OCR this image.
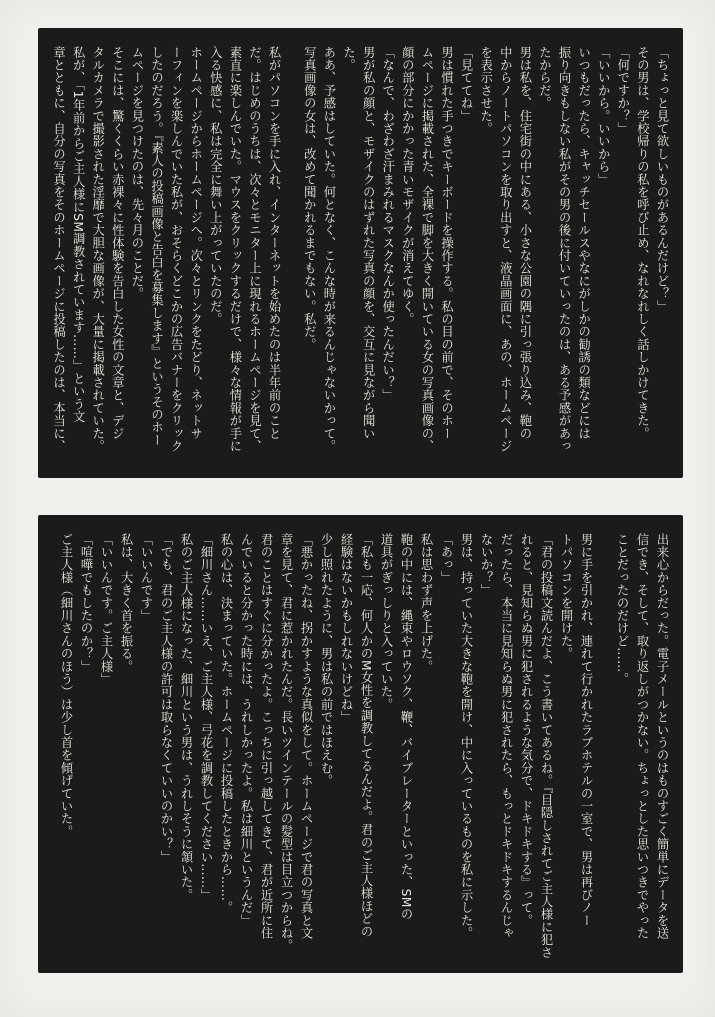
「ちょっと見て欲しいものがあるんだけど？」
その男は、学校帰りの私を呼び止め、なれなれしく話しかけてきた。
「何ですか？」
「いいから。いいから」
いつもだったら、キャッチセールスやなにがしかの勧誘の類などには
振り向きもしない私がその男の後に付いていったのは、ある予感があっ
たからだ。
男は私を、住宅街の中にある、小さな公園の隅に引っ張り込み、鞄の
中からノートパソコンを取り出すと、液晶画面に、あの、ホームページ
を表示させた。
「見ててね」
男は慣れた手つきでキーボードを操作する。私の目の前で、そのホー
ムページに掲載された、全裸で脚を大きく開いている女の写真画像の、
顔の部分にかかった青いモザイクが消えてゆく。
「なんで、わざわざ汗まみれるマスクなんか使ったんだい？」
男が私の顔と、モザイクのはずれた写真の顔を、交互に見ながら聞い
た。
ああ、予感はしていた。何となく、こんな時が来るんじゃないかって。
写真画像の女は、改めて聞かれるまでもない。私だ。
私がパソコンを手に入れ、インターネットを始めたのは半年前のこと
だ。はじめのうちは、次々とモニター上に現れるホームページを見て、
素直に楽しんでいた。マウスをクリックするだけで、様々な情報が手に
入る快感に、私は完全に舞い上がっていたのだ。
ホームページからホームページへ。次々とリンクをたどり、ネットサ
ーフィンを楽しんでいた私が、おそらくどこかの広告バナーをクリック
したのだろう。『素人の投稿画像と告白を募集します』というそのホー
ムページを見つけたのは、先々月のことだ。
そこには、驚くくらい赤裸々に性体験を告白した女性の文章と、デジ
タルカメラで撮影された淫靡で大胆な画像が、大量に掲載されていた。
私が、「1年前からご主人様にSM調教されています……」という文
章とともに、自分の写真をそのホームページに投稿したのは、本当に、
出来心からだった。電子メールというのはものすごく簡単にデータを送
信でき、そして、取り返しがつかない。ちょっとした思いつきでやった
ことだったのだけど……。
男に手を引かれ、連れて行かれたラブホテルの一室で、男は再びノー
トパソコンを開けた。
「君の投稿文読んだよ、こう書いてあるね。『目隠しされてご主人様に犯さ
れると、見知らぬ男に犯されるような気分で、ドキドキする』って。
だったら、本当に見知らぬ男に犯されたら、もっとドキドキするんじゃ
ないか？」
男は、持っていた大きな鞄を開け、中に入っているものを私に示した。
「あっ」
私は思わず声を上げた。
鞄の中には、縄束やロウソク、鞭、バイブレーターといった、SMの
道具がぎっしりと入っていた。
「私も一応、何人かのM女性を調教してるんだよ。君のご主人様ほどの
経験はないかもしれないけどね」
少し照れたように、男は私の前ではほえむ。
「悪かったね、拐かすような真似をして。ホームページで君の写真と文
章を見て、君に惹かれたんだ。長いツインテールの髪型は目立つからね。
君のことはすぐに分かったよ。こっちに引っ越してきて、君が近所に住
んでいると分かった時には、うれしかったよ。私は細川というんだ」
私の心は、決まっていた。ホームページに投稿したときから……。
「細川さん……いえ、ご主人様、弓花を調教してください……」
私のご主人様になった、細川という男は、うれしそうに頷いた。
「でも、君のご主人様の許可は取らなくていいのかい？」
「いいんです」
私は、大きく首を振る。
「いいんです。ご主人様」
「喧嘩でもしたのか？」
ご主人様（細川さんのほう）は少し首を傾げていた。
